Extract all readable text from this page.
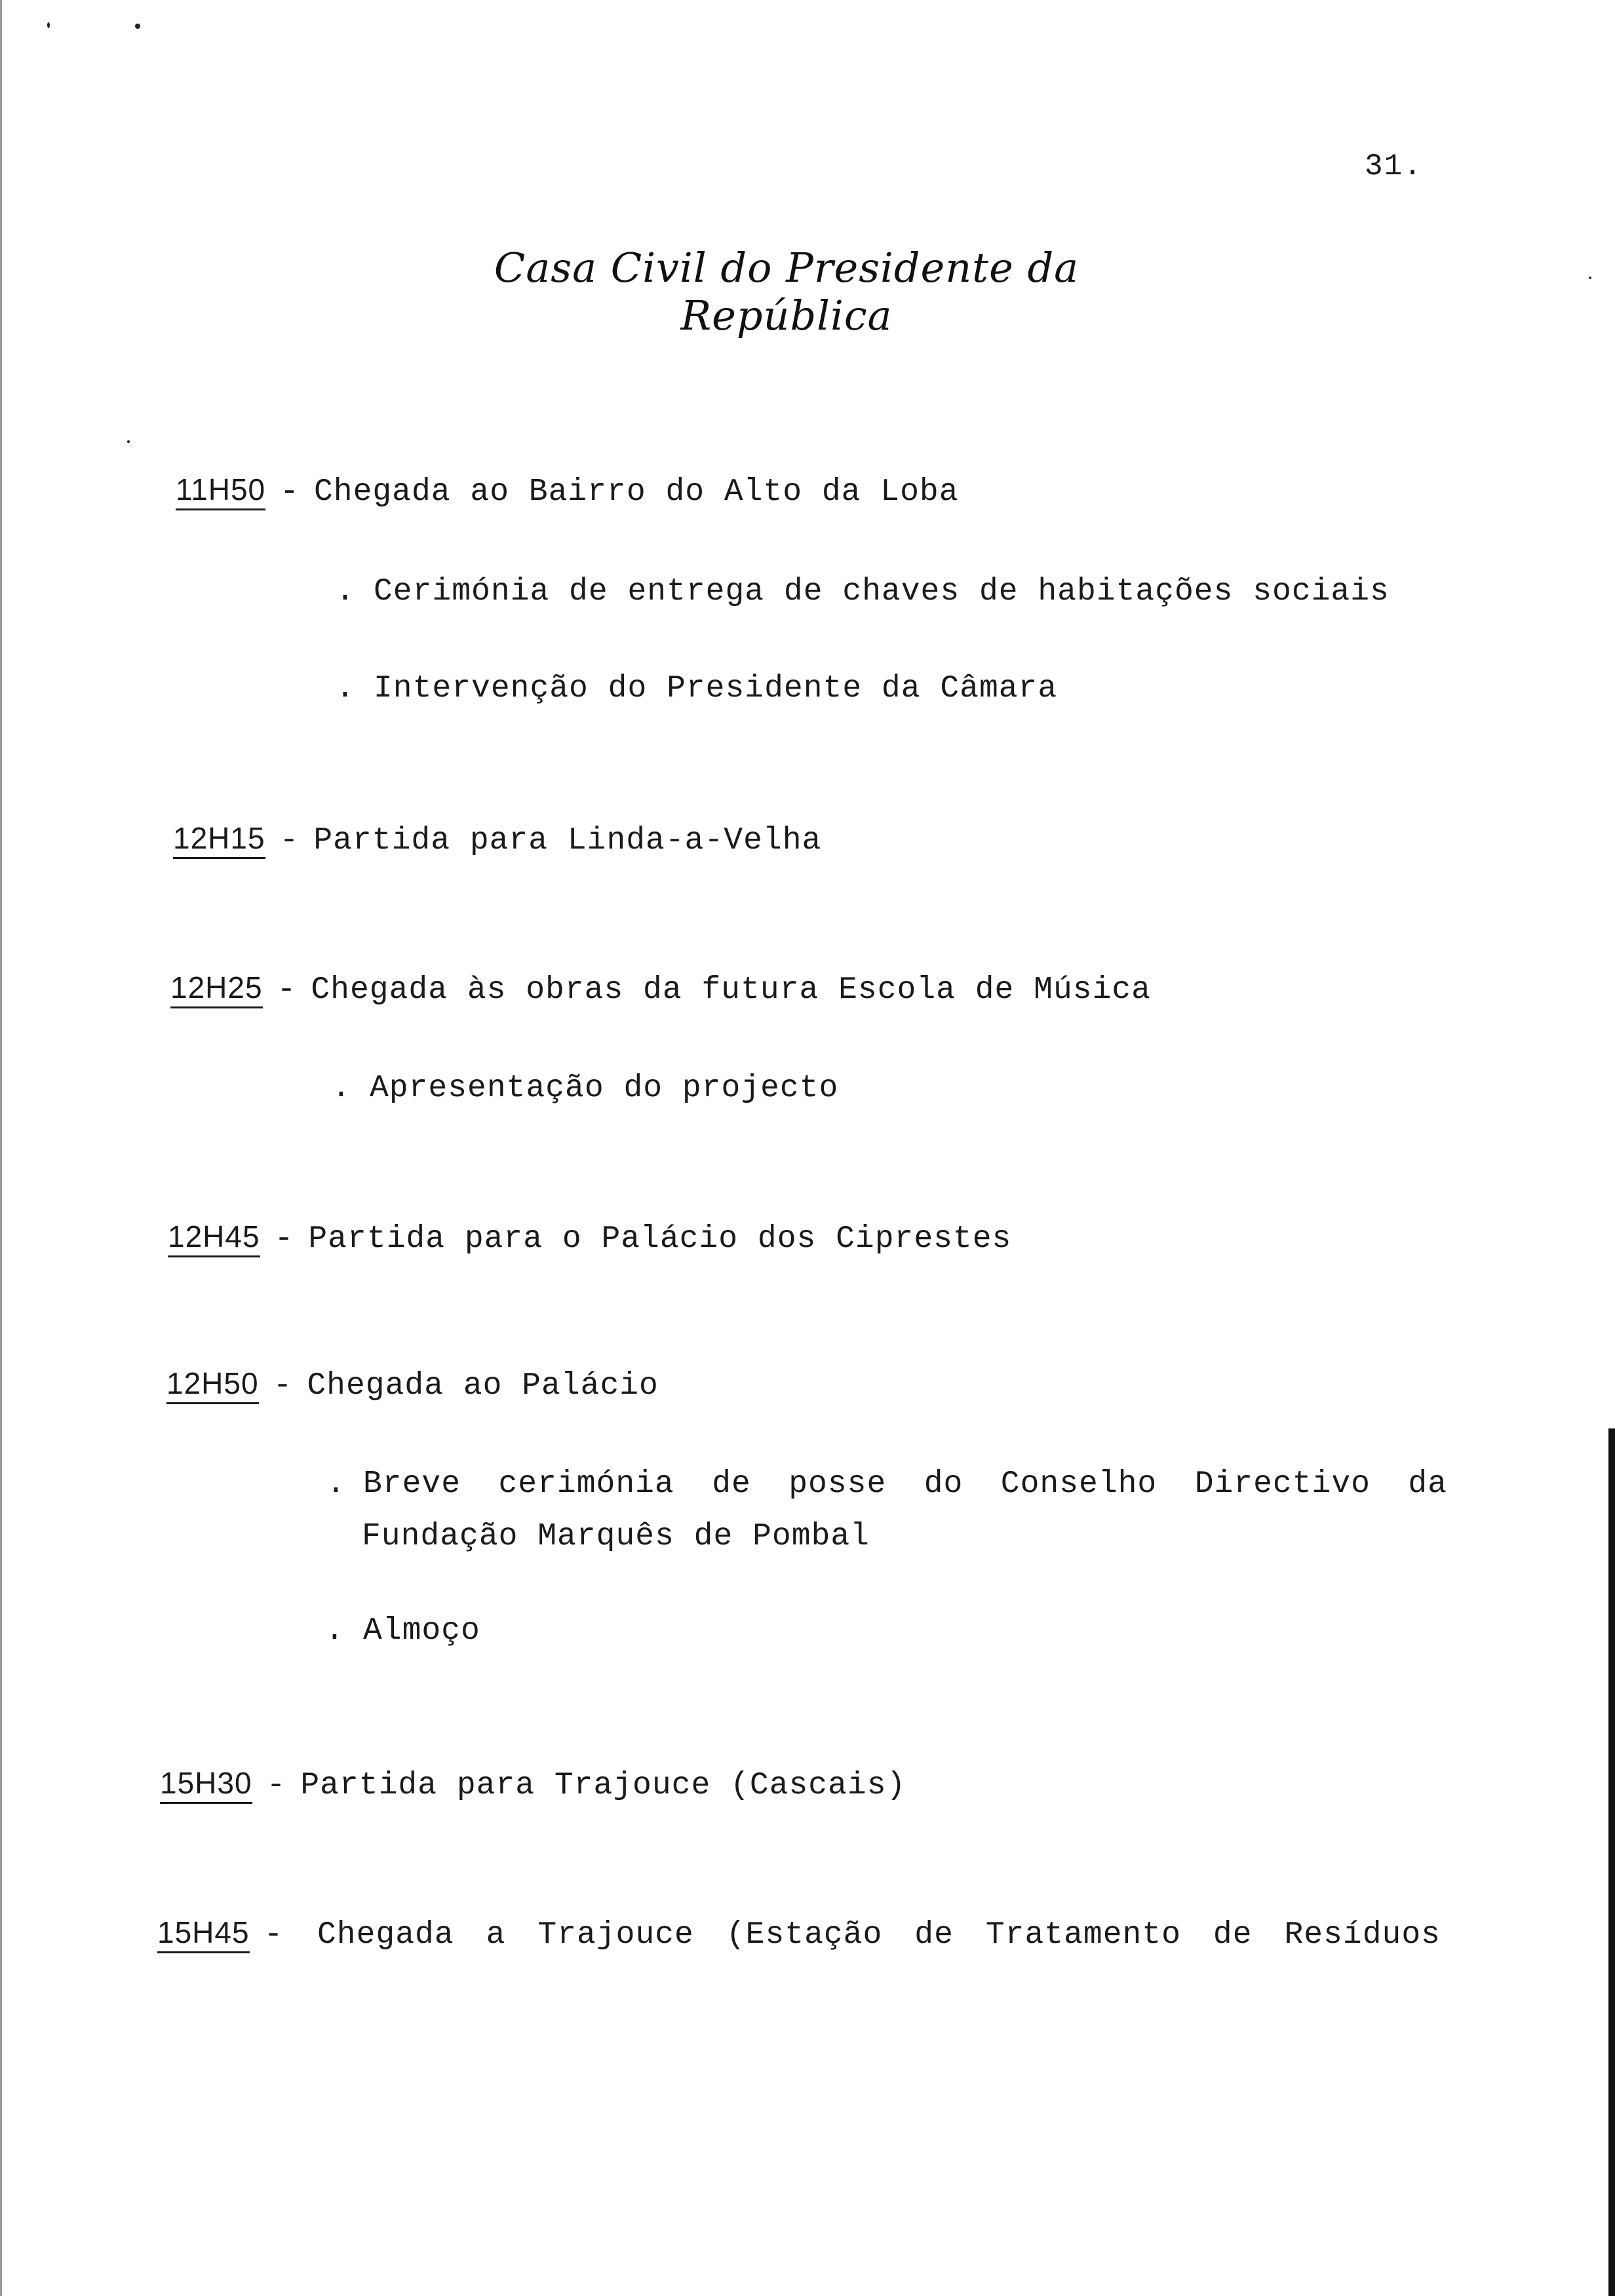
31.
Casa Civil do Presidente da República
11H50 - Chegada ao Bairro do Alto da Loba
. Cerimónia de entrega de chaves de habitações sociais
. Intervenção do Presidente da Câmara
12H15 - Partida para Linda-a-Velha
12H25 - Chegada às obras da futura Escola de Música
. Apresentação do projecto
12H45 - Partida para o Palácio dos Ciprestes
12H50 - Chegada ao Palácio
. Breve cerimónia de posse do Conselho Directivo da
Fundação Marquês de Pombal
. Almoço
15H30 - Partida para Trajouce (Cascais)
15H45 -	Chegada a Trajouce (Estação de Tratamento de Resíduos
